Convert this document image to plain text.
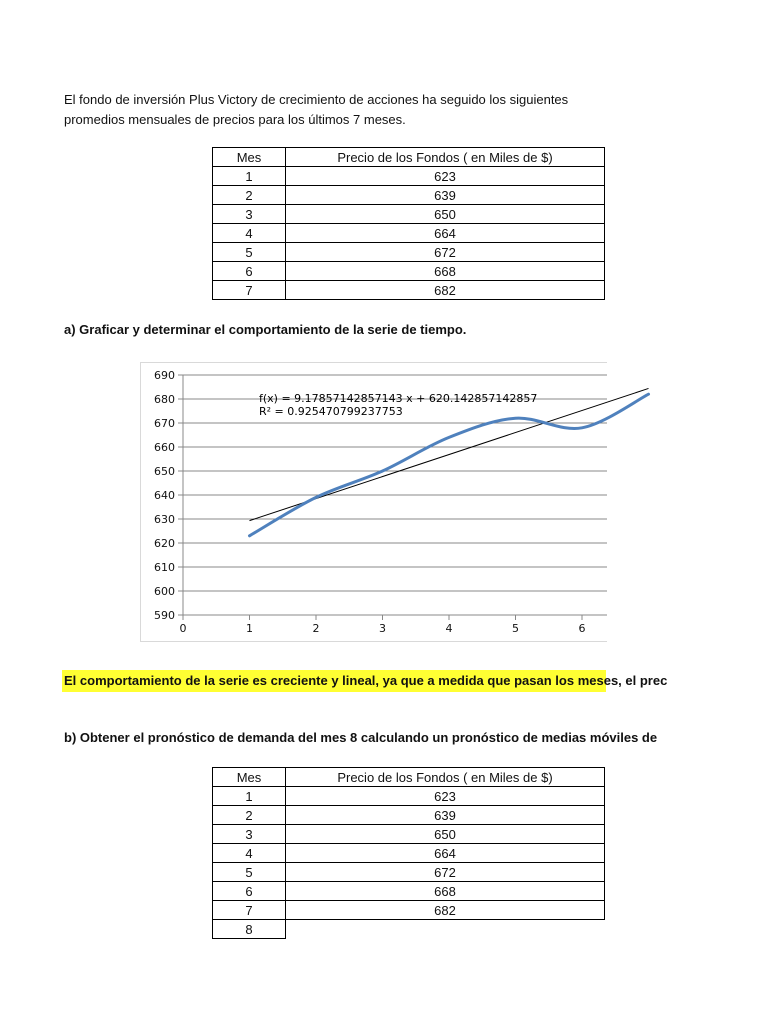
El fondo de inversión Plus Victory de crecimiento de acciones ha seguido los siguientes
promedios mensuales de precios para los últimos 7 meses.
Mes	Precio de los Fondos ( en Miles de $)
1	623
2	639
3	650
4	664
5	672
6	668
7	682
a) Graficar y determinar el comportamiento de la serie de tiempo.
590
600
610
620
630
640
650
660
670
680
690
0	1	2	3	4	5	6
f(x) = 9.17857142857143 x + 620.142857142857
R² = 0.925470799237753
El comportamiento de la serie es creciente y lineal, ya que a medida que pasan los meses, el prec
b) Obtener el pronóstico de demanda del mes 8 calculando un pronóstico de medias móviles de
Mes	Precio de los Fondos ( en Miles de $)
1	623
2	639
3	650
4	664
5	672
6	668
7	682
8	
